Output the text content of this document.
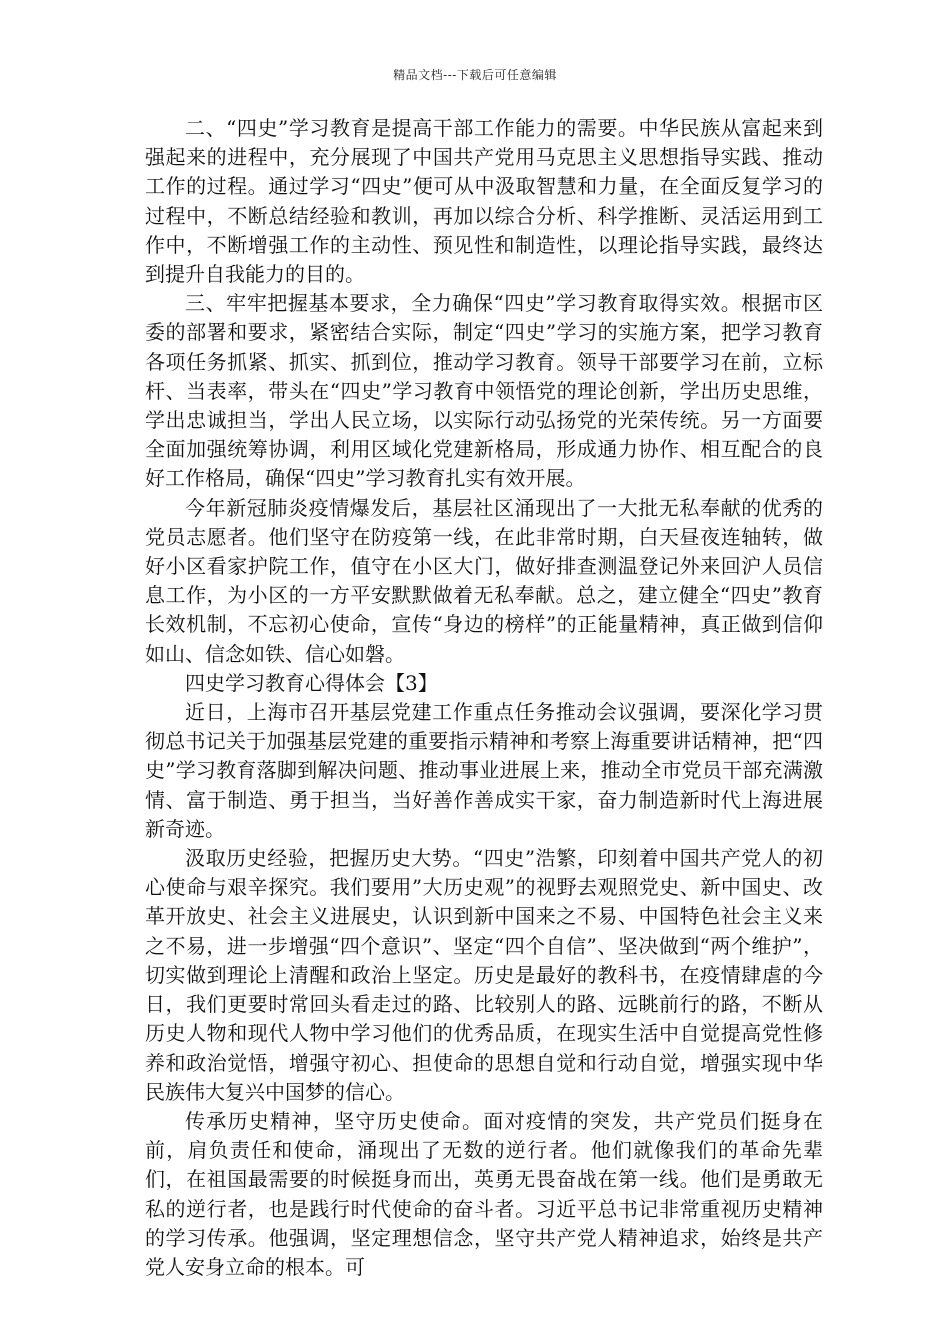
精品文档---下载后可任意编辑

二、“四史”学习教育是提高干部工作能力的需要。中华民族从富起来到强起来的进程中，充分展现了中国共产党用马克思主义思想指导实践、推动工作的过程。通过学习“四史”便可从中汲取智慧和力量，在全面反复学习的过程中，不断总结经验和教训，再加以综合分析、科学推断、灵活运用到工作中，不断增强工作的主动性、预见性和制造性，以理论指导实践，最终达到提升自我能力的目的。

三、牢牢把握基本要求，全力确保“四史”学习教育取得实效。根据市区委的部署和要求，紧密结合实际，制定“四史”学习的实施方案，把学习教育各项任务抓紧、抓实、抓到位，推动学习教育。领导干部要学习在前，立标杆、当表率，带头在“四史”学习教育中领悟党的理论创新，学出历史思维，学出忠诚担当，学出人民立场，以实际行动弘扬党的光荣传统。另一方面要全面加强统筹协调，利用区域化党建新格局，形成通力协作、相互配合的良好工作格局，确保“四史”学习教育扎实有效开展。

今年新冠肺炎疫情爆发后，基层社区涌现出了一大批无私奉献的优秀的党员志愿者。他们坚守在防疫第一线，在此非常时期，白天昼夜连轴转，做好小区看家护院工作，值守在小区大门，做好排查测温登记外来回沪人员信息工作，为小区的一方平安默默做着无私奉献。总之，建立健全“四史”教育长效机制，不忘初心使命，宣传“身边的榜样”的正能量精神，真正做到信仰如山、信念如铁、信心如磐。

四史学习教育心得体会【3】

近日，上海市召开基层党建工作重点任务推动会议强调，要深化学习贯彻总书记关于加强基层党建的重要指示精神和考察上海重要讲话精神，把“四史”学习教育落脚到解决问题、推动事业进展上来，推动全市党员干部充满激情、富于制造、勇于担当，当好善作善成实干家，奋力制造新时代上海进展新奇迹。

汲取历史经验，把握历史大势。“四史”浩繁，印刻着中国共产党人的初心使命与艰辛探究。我们要用”大历史观”的视野去观照党史、新中国史、改革开放史、社会主义进展史，认识到新中国来之不易、中国特色社会主义来之不易，进一步增强“四个意识”、坚定“四个自信”、坚决做到“两个维护”，切实做到理论上清醒和政治上坚定。历史是最好的教科书，在疫情肆虐的今日，我们更要时常回头看走过的路、比较别人的路、远眺前行的路，不断从历史人物和现代人物中学习他们的优秀品质，在现实生活中自觉提高党性修养和政治觉悟，增强守初心、担使命的思想自觉和行动自觉，增强实现中华民族伟大复兴中国梦的信心。

传承历史精神，坚守历史使命。面对疫情的突发，共产党员们挺身在前，肩负责任和使命，涌现出了无数的逆行者。他们就像我们的革命先辈们，在祖国最需要的时候挺身而出，英勇无畏奋战在第一线。他们是勇敢无私的逆行者，也是践行时代使命的奋斗者。习近平总书记非常重视历史精神的学习传承。他强调，坚定理想信念，坚守共产党人精神追求，始终是共产党人安身立命的根本。可
